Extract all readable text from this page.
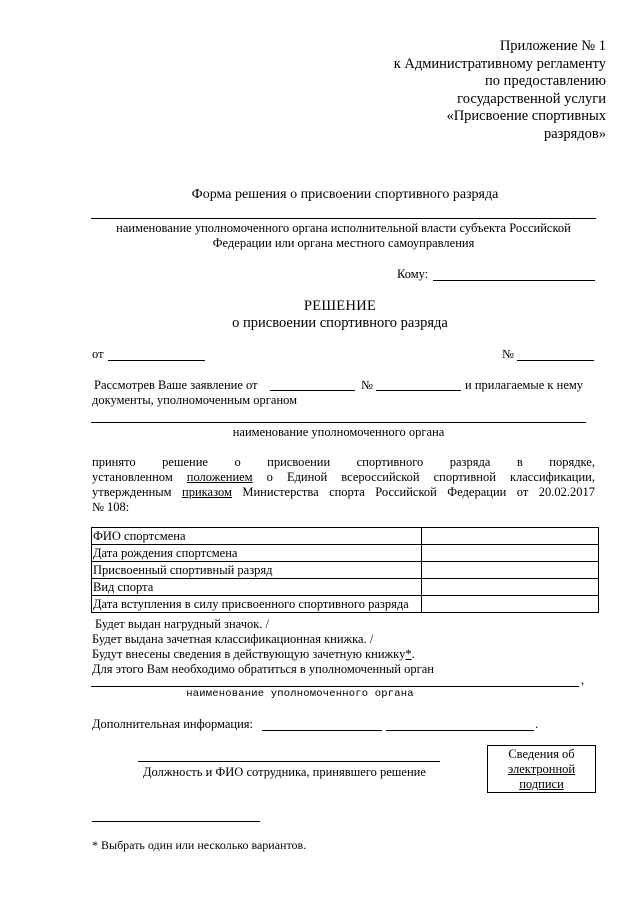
Приложение № 1
к Административному регламенту
по предоставлению
государственной услуги
«Присвоение спортивных
разрядов»
Форма решения о присвоении спортивного разряда
наименование уполномоченного органа исполнительной власти субъекта Российской
Федерации или органа местного самоуправления
Кому:
РЕШЕНИЕ
о присвоении спортивного разряда
от	№
Рассмотрев Ваше заявление от	№	и прилагаемые к нему
документы, уполномоченным органом
наименование уполномоченного органа
принято решение о присвоении спортивного разряда в порядке,
установленном положением о Единой всероссийской спортивной классификации,
утвержденным приказом Министерства спорта Российской Федерации от 20.02.2017
№ 108:
ФИО спортсмена	
Дата рождения спортсмена	
Присвоенный спортивный разряд	
Вид спорта	
Дата вступления в силу присвоенного спортивного разряда	
Будет выдан нагрудный значок. /
Будет выдана зачетная классификационная книжка. /
Будут внесены сведения в действующую зачетную книжку*.
Для этого Вам необходимо обратиться в уполномоченный орган
,
наименование уполномоченного органа
Дополнительная информация:	.
Должность и ФИО сотрудника, принявшего решение
Сведения об
электронной
подписи
* Выбрать один или несколько вариантов.
